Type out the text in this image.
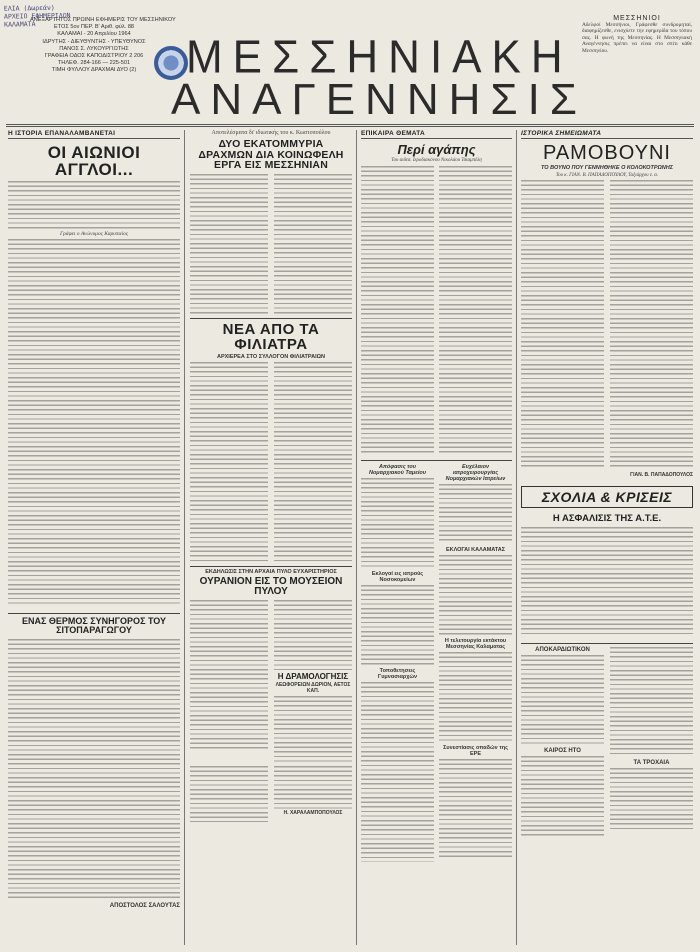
ΕΛΙΑ (Δωρεάν)
ΑΡΧΕΙΟ ΕΦΗΜΕΡΙΔΩΝ
ΚΑΛΑΜΑΤΑ
ΑΝΕΞΑΡΤΗΤΟΣ ΠΡΩΙΝΗ ΕΦΗΜΕΡΙΣ ΤΟΥ ΜΕΣΣΗΝΙΚΟΥ
ΕΤΟΣ 5ον ΠΕΡ. Β' Αριθ. φύλ. 88
ΚΑΛΑΜΑΙ - 20 Απριλίου 1964
ΙΔΡΥΤΗΣ - ΔΙΕΥΘΥΝΤΗΣ - ΥΠΕΥΘΥΝΟΣ
ΠΑΝΟΣ Σ. ΛΥΚΟΥΡΓΙΩΤΗΣ
ΓΡΑΦΕΙΑ ΟΔΟΣ ΚΑΠΟΔΙΣΤΡΙΟΥ 2 206
ΤΗΛΕΦ. 284-166 — 225-501
ΤΙΜΗ ΦΥΛΛΟΥ ΔΡΑΧΜΑΙ ΔΥΟ (2)	ΜΕΣΣΗΝΙΑΚΗ
ΑΝΑΓΕΝΝΗΣΙΣ
ΜΕΣΣΗΝΙΟΙ
Αδελφοί Μεσσήνιοι, Γράφεσθε συνδρομηταί, διαφημίζεσθε, ενισχύετε την εφημερίδα του τόπου σας. Η φωνή της Μεσσηνίας. Η Μεσσηνιακή Αναγέννησις πρέπει να είναι στο σπίτι κάθε Μεσσηνίου.
Η ΙΣΤΟΡΙΑ ΕΠΑΝΑΛΑΜΒΑΝΕΤΑΙ
ΟΙ ΑΙΩΝΙΟΙ ΑΓΓΛΟΙ...
Γράφει ο Ανώνυμος Καρυπαίος
ΕΝΑΣ ΘΕΡΜΟΣ ΣΥΝΗΓΟΡΟΣ ΤΟΥ ΣΙΤΟΠΑΡΑΓΩΓΟΥ
ΑΠΟΣΤΟΛΟΣ ΣΑΛΟΥΤΑΣ
Αποτελέσματα δι' ιδιωτικής του κ. Κωστοπούλου
ΔΥΟ ΕΚΑΤΟΜΜΥΡΙΑ ΔΡΑΧΜΩΝ ΔΙΑ ΚΟΙΝΩΦΕΛΗ ΕΡΓΑ ΕΙΣ ΜΕΣΣΗΝΙΑΝ
ΝΕΑ ΑΠΟ ΤΑ ΦΙΛΙΑΤΡΑ
ΑΡΧΙΕΡΕΑ ΣΤΟ ΣΥΛΛΟΓΟΝ ΦΙΛΙΑΤΡΑΙΩΝ
ΕΚΔΗΛΩΣΙΣ ΣΤΗΝ ΑΡΧΑΙΑ ΠΥΛΟ ΕΥΧΑΡΙΣΤΗΡΙΟΣ
ΟΥΡΑΝΙΟΝ ΕΙΣ ΤΟ ΜΟΥΣΕΙΟΝ ΠΥΛΟΥ
Η ΔΡΑΜΟΛΟΓΗΣΙΣ
ΛΕΩΦΟΡΕΙΩΝ ΔΩΡΙΟΝ, ΑΕΤΟΣ ΚΑΠ.
Η. ΧΑΡΑΛΑΜΠΟΠΟΥΛΟΣ
ΕΠΙΚΑΙΡΑ ΘΕΜΑΤΑ
Περί αγάπης
Του αιδεσ. Ιεροδιακόνου Νικολάου Τσιαμπέλη
Απόφασις του Νομαρχιακού Ταμείου
Εκλογαί εις ιατρούς Νοσοκομείων
Τοποθετησεις Γυμνασιαρχών
Ευχέλαιον ιατροχειρουργίας Νομαρχιακών Ιατρείων
ΕΚΛΟΓΑΙ ΚΑΛΑΜΑΤΑΣ
Η τελετουργία εκτάκτου Μεσσηνίας Καλαματας
Συνεστίασις οπαδών της ΕΡΕ
ΙΣΤΟΡΙΚΑ ΣΗΜΕΙΩΜΑΤΑ
ΡΑΜΟΒΟΥΝΙ
ΤΟ ΒΟΥΝΟ ΠΟΥ ΓΕΝΝΗΘΗΚΕ Ο ΚΟΛΟΚΟΤΡΩΝΗΣ
Του κ. ΓΙΑΝ. Β. ΠΑΠΑΔΟΠΟΥΛΟΥ, Ταξιάρχου ε. α.
ΓΙΑΝ. Β. ΠΑΠΑΔΟΠΟΥΛΟΣ
ΣΧΟΛΙΑ & ΚΡΙΣΕΙΣ
Η ΑΣΦΑΛΙΣΙΣ ΤΗΣ Α.Τ.Ε.
ΑΠΟΚΑΡΔΙΩΤΙΚΟΝ
ΚΑΙΡΟΣ ΗΤΟ
ΤΑ ΤΡΟΧΑΙΑ
